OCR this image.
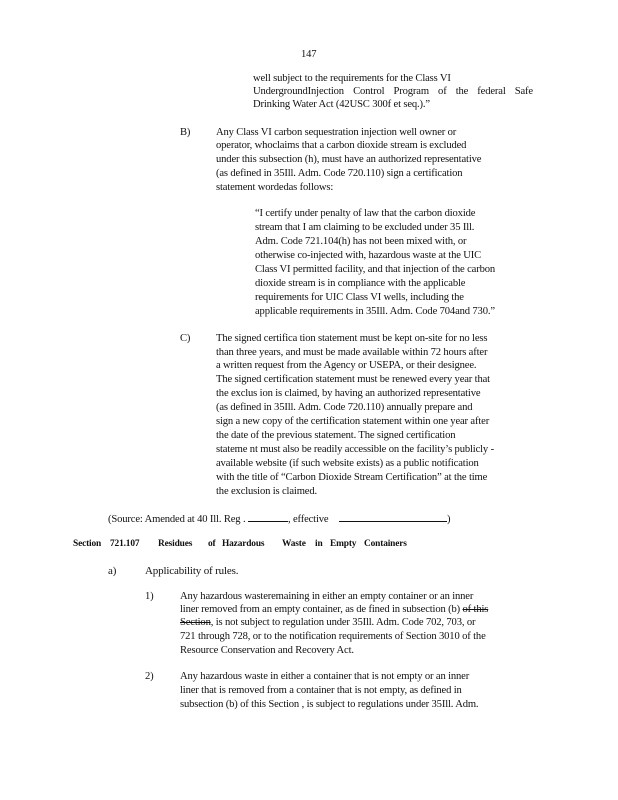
147
well subject to the requirements for the Class VI
UndergroundInjection Control Program of the federal Safe
Drinking Water Act (42USC 300f et seq.).”
B) Any Class VI carbon sequestration injection well owner or
operator, whoclaims that a carbon dioxide stream is excluded
under this subsection (h), must have an authorized representative
(as defined in 35Ill. Adm. Code 720.110) sign a certification
statement wordedas follows:
“I certify under penalty of law that the carbon dioxide
stream that I am claiming to be excluded under 35 Ill.
Adm. Code 721.104(h) has not been mixed with, or
otherwise co-injected with, hazardous waste at the UIC
Class VI permitted facility, and that injection of the carbon
dioxide stream is in compliance with the applicable
requirements for UIC Class VI wells, including the
applicable requirements in 35Ill. Adm. Code 704and 730.”
C) The signed certifica tion statement must be kept on-site for no less
than three years, and must be made available within 72 hours after
a written request from the Agency or USEPA, or their designee.
The signed certification statement must be renewed every year that
the exclus ion is claimed, by having an authorized representative
(as defined in 35Ill. Adm. Code 720.110) annually prepare and
sign a new copy of the certification statement within one year after
the date of the previous statement. The signed certification
stateme nt must also be readily accessible on the facility’s publicly -
available website (if such website exists) as a public notification
with the title of “Carbon Dioxide Stream Certification” at the time
the exclusion is claimed.
(Source: Amended at 40 Ill. Reg .	, effective	)
Section 721.107 Residues of Hazardous Waste in Empty Containers
a)	Applicability of rules.
1) Any hazardous wasteremaining in either an empty container or an inner
liner removed from an empty container, as de fined in subsection (b) of this
Section, is not subject to regulation under 35Ill. Adm. Code 702, 703, or
721 through 728, or to the notification requirements of Section 3010 of the
Resource Conservation and Recovery Act.
2) Any hazardous waste in either a container that is not empty or an inner
liner that is removed from a container that is not empty, as defined in
subsection (b) of this Section , is subject to regulations under 35Ill. Adm.
